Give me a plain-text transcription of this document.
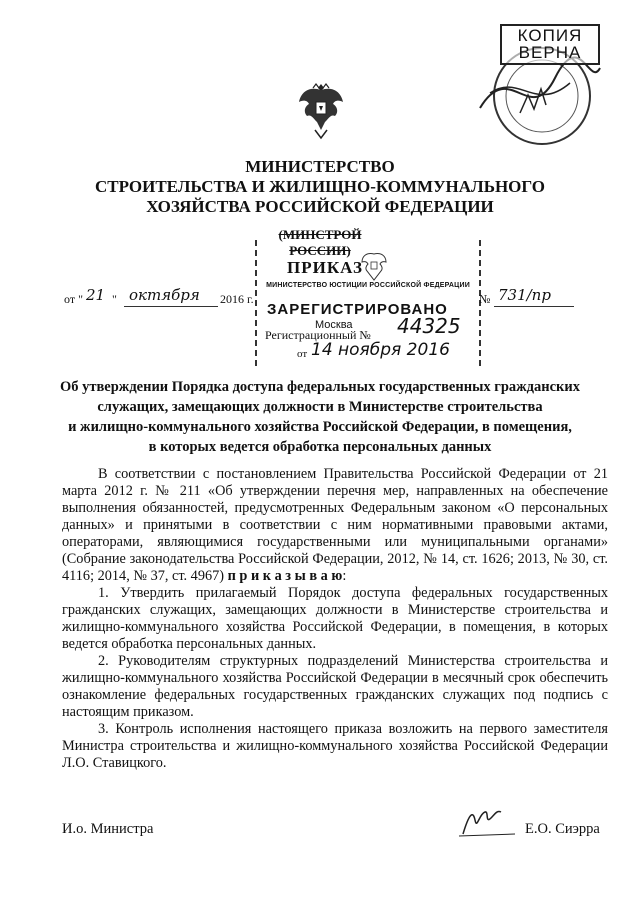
КОПИЯ
ВЕРНА
МИНИСТЕРСТВО
СТРОИТЕЛЬСТВА И ЖИЛИЩНО-КОММУНАЛЬНОГО
ХОЗЯЙСТВА РОССИЙСКОЙ ФЕДЕРАЦИИ
(МИНСТРОЙ РОССИИ)
ПРИКАЗ
МИНИСТЕРСТВО ЮСТИЦИИ РОССИЙСКОЙ ФЕДЕРАЦИИ
ЗАРЕГИСТРИРОВАНО
Москва
Регистрационный № 44325
от 14 ноября 2016
от " 21 " октября 2016 г.	№ 731/пр
Об утверждении Порядка доступа федеральных государственных гражданских
служащих, замещающих должности в Министерстве строительства
и жилищно-коммунального хозяйства Российской Федерации, в помещения,
в которых ведется обработка персональных данных

В соответствии с постановлением Правительства Российской Федерации от 21 марта 2012 г. № 211 «Об утверждении перечня мер, направленных на обеспечение выполнения обязанностей, предусмотренных Федеральным законом «О персональных данных» и принятыми в соответствии с ним нормативными правовыми актами, операторами, являющимися государственными или муниципальными органами» (Собрание законодательства Российской Федерации, 2012, № 14, ст. 1626; 2013, № 30, ст. 4116; 2014, № 37, ст. 4967) п р и к а з ы в а ю:

1. Утвердить прилагаемый Порядок доступа федеральных государственных гражданских служащих, замещающих должности в Министерстве строительства и жилищно-коммунального хозяйства Российской Федерации, в помещения, в которых ведется обработка персональных данных.

2. Руководителям структурных подразделений Министерства строительства и жилищно-коммунального хозяйства Российской Федерации в месячный срок обеспечить ознакомление федеральных государственных гражданских служащих под подпись с настоящим приказом.

3. Контроль исполнения настоящего приказа возложить на первого заместителя Министра строительства и жилищно-коммунального хозяйства Российской Федерации Л.О. Ставицкого.

И.о. Министра	Е.О. Сиэрра
